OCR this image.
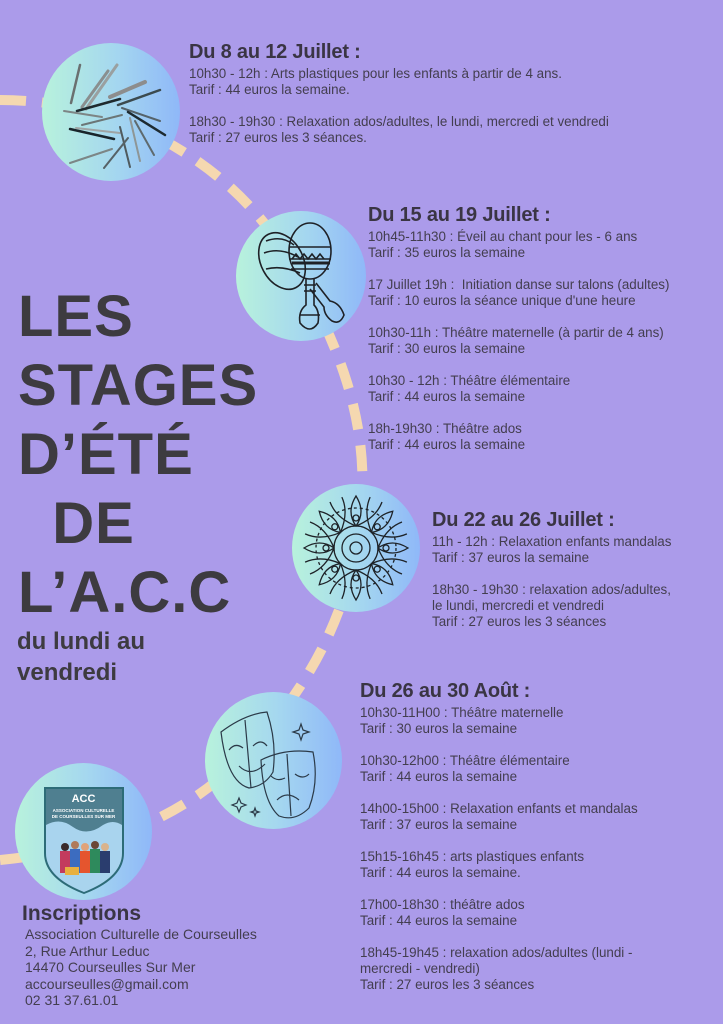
ACC
ASSOCIATION CULTURELLE
DE COURSEULLES SUR MER
LES
STAGES
D’ÉTÉ
DE
L’A.C.C
du lundi au
vendredi
Du 8 au 12 Juillet :
10h30 - 12h : Arts plastiques pour les enfants à partir de 4 ans.
Tarif : 44 euros la semaine.
18h30 - 19h30 : Relaxation ados/adultes, le lundi, mercredi et vendredi
Tarif : 27 euros les 3 séances.
Du 15 au 19 Juillet :
10h45-11h30 : Éveil au chant pour les - 6 ans
Tarif : 35 euros la semaine
17 Juillet 19h :  Initiation danse sur talons (adultes)
Tarif : 10 euros la séance unique d'une heure
10h30-11h : Théâtre maternelle (à partir de 4 ans)
Tarif : 30 euros la semaine
10h30 - 12h : Théâtre élémentaire
Tarif : 44 euros la semaine
18h-19h30 : Théâtre ados
Tarif : 44 euros la semaine
Du 22 au 26 Juillet :
11h - 12h : Relaxation enfants mandalas
Tarif : 37 euros la semaine
18h30 - 19h30 : relaxation ados/adultes,
le lundi, mercredi et vendredi
Tarif : 27 euros les 3 séances
Du 26 au 30 Août :
10h30-11H00 : Théâtre maternelle
Tarif : 30 euros la semaine
10h30-12h00 : Théâtre élémentaire
Tarif : 44 euros la semaine
14h00-15h00 : Relaxation enfants et mandalas
Tarif : 37 euros la semaine
15h15-16h45 : arts plastiques enfants
Tarif : 44 euros la semaine.
17h00-18h30 : théâtre ados
Tarif : 44 euros la semaine
18h45-19h45 : relaxation ados/adultes (lundi -
mercredi - vendredi)
Tarif : 27 euros les 3 séances
Inscriptions
Association Culturelle de Courseulles
2, Rue Arthur Leduc
14470 Courseulles Sur Mer
accourseulles@gmail.com
02 31 37.61.01
